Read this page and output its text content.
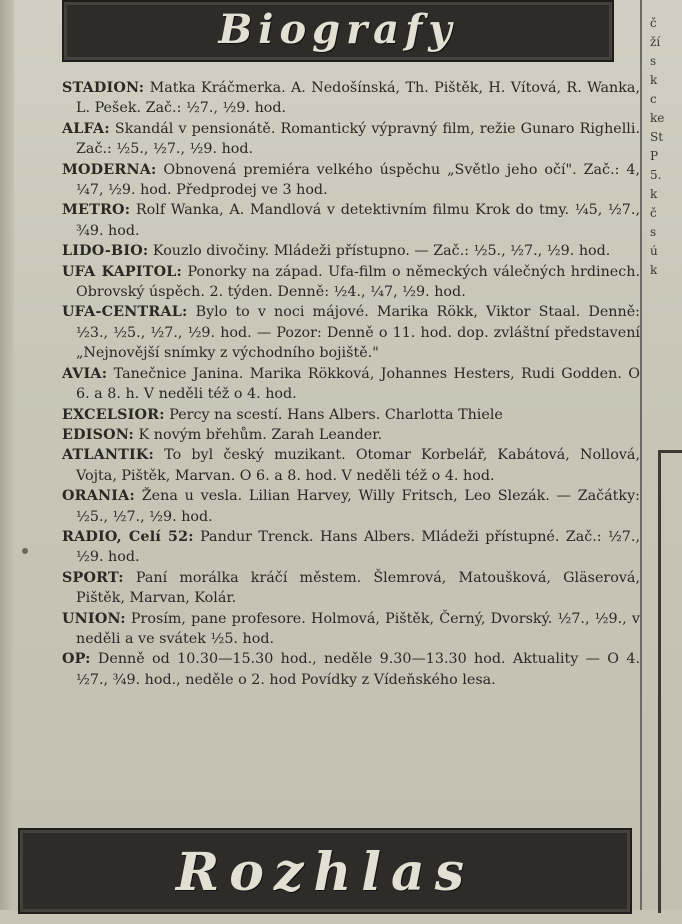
Biografy

STADION: Matka Kráčmerka. A. Nedošínská, Th. Pištěk, H. Vítová, R. Wanka, L. Pešek. Zač.: ½7., ½9. hod.

ALFA: Skandál v pensionátě. Romantický výpravný film, režie Gunaro Righelli. Zač.: ½5., ½7., ½9. hod.

MODERNA: Obnovená premiéra velkého úspěchu „Světlo jeho očí". Zač.: 4, ¼7, ½9. hod. Předprodej ve 3 hod.

METRO: Rolf Wanka, A. Mandlová v detektivním filmu Krok do tmy. ¼5, ½7., ¾9. hod.

LIDO-BIO: Kouzlo divočiny. Mládeži přístupno. — Zač.: ½5., ½7., ½9. hod.

UFA KAPITOL: Ponorky na západ. Ufa-film o německých válečných hrdinech. Obrovský úspěch. 2. týden. Denně: ½4., ¼7, ½9. hod.

UFA-CENTRAL: Bylo to v noci májové. Marika Rökk, Viktor Staal. Denně: ½3., ½5., ½7., ½9. hod. — Pozor: Denně o 11. hod. dop. zvláštní představení „Nejnovější snímky z východního bojiště."

AVIA: Tanečnice Janina. Marika Rökková, Johannes Hesters, Rudi Godden. O 6. a 8. h. V neděli též o 4. hod.

EXCELSIOR: Percy na scestí. Hans Albers. Charlotta Thiele

EDISON: K novým břehům. Zarah Leander.

ATLANTIK: To byl český muzikant. Otomar Korbelář, Kabátová, Nollová, Vojta, Pištěk, Marvan. O 6. a 8. hod. V neděli též o 4. hod.

ORANIA: Žena u vesla. Lilian Harvey, Willy Fritsch, Leo Slezák. — Začátky: ½5., ½7., ½9. hod.

RADIO, Celí 52: Pandur Trenck. Hans Albers. Mládeži přístupné. Zač.: ½7., ½9. hod.

SPORT: Paní morálka kráčí městem. Šlemrová, Matoušková, Gläserová, Pištěk, Marvan, Kolár.

UNION: Prosím, pane profesore. Holmová, Pištěk, Černý, Dvorský. ½7., ½9., v neděli a ve svátek ½5. hod.

OP: Denně od 10.30—15.30 hod., neděle 9.30—13.30 hod. Aktuality — O 4. ½7., ¾9. hod., neděle o 2. hod Povídky z Vídeňského lesa.

Rozhlas
č
ží
s
k
c
ke
St
P
5.
k
č
s
ú
k
